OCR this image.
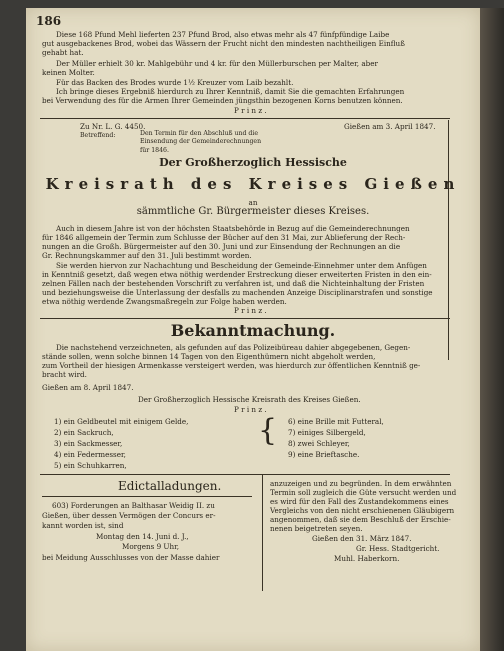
186
Diese 168 Pfund Mehl lieferten 237 Pfund Brod, also etwas mehr als 47 fünfpfündige Laibe
gut ausgebackenes Brod, wobei das Wässern der Frucht nicht den mindesten nachtheiligen Einfluß
gehabt hat.
Der Müller erhielt 30 kr. Mahlgebühr und 4 kr. für den Müllerburschen per Malter, aber
keinen Molter.
Für das Backen des Brodes wurde 1½ Kreuzer vom Laib bezahlt.
Ich bringe dieses Ergebniß hierdurch zu Ihrer Kenntniß, damit Sie die gemachten Erfahrungen
bei Verwendung des für die Armen Ihrer Gemeinden jüngsthin bezogenen Korns benutzen können.
P r i n z .
Zu Nr. L. G. 4450.	Gießen am 3. April 1847.
Betreffend:	Den Termin für den Abschluß und die
Einsendung der Gemeinderechnungen
für 1846.
Der Großherzoglich Hessische
Kreisrath des Kreises Gießen
an
sämmtliche Gr. Bürgermeister dieses Kreises.
Auch in diesem Jahre ist von der höchsten Staatsbehörde in Bezug auf die Gemeinderechnungen
für 1846 allgemein der Termin zum Schlusse der Bücher auf den 31 Mai, zur Ablieferung der Rech-
nungen an die Großh. Bürgermeister auf den 30. Juni und zur Einsendung der Rechnungen an die
Gr. Rechnungskammer auf den 31. Juli bestimmt worden.
Sie werden hiervon zur Nachachtung und Bescheidung der Gemeinde-Einnehmer unter dem Anfügen
in Kenntniß gesetzt, daß wegen etwa nöthig werdender Erstreckung dieser erweiterten Fristen in den ein-
zelnen Fällen nach der bestehenden Vorschrift zu verfahren ist, und daß die Nichteinhaltung der Fristen
und beziehungsweise die Unterlassung der desfalls zu machenden Anzeige Disciplinarstrafen und sonstige
etwa nöthig werdende Zwangsmaßregeln zur Folge haben werden.
P r i n z .
Bekanntmachung.
Die nachstehend verzeichneten, als gefunden auf das Polizeibüreau dahier abgegebenen, Gegen-
stände sollen, wenn solche binnen 14 Tagen von den Eigenthümern nicht abgeholt werden,
zum Vortheil der hiesigen Armenkasse versteigert werden, was hierdurch zur öffentlichen Kenntniß ge-
bracht wird.
Gießen am 8. April 1847.
Der Großherzoglich Hessische Kreisrath des Kreises Gießen.
P r i n z .
1) ein Geldbeutel mit einigem Gelde,
2) ein Sackruch,
3) ein Sackmesser,
4) ein Federmesser,
5) ein Schuhkarren,
{ 6) eine Brille mit Futteral,
7) einiges Silbergeld,
8) zwei Schleyer,
9) eine Brieftasche.
Edictalladungen.
603) Forderungen an Balthasar Weidig II. zu
Gießen, über dessen Vermögen der Concurs er-
kannt worden ist, sind
Montag den 14. Juni d. J.,
Morgens 9 Uhr,
bei Meidung Ausschlusses von der Masse dahier
anzuzeigen und zu begründen. In dem erwähnten
Termin soll zugleich die Güte versucht werden und
es wird für den Fall des Zustandekommens eines
Vergleichs von den nicht erschienenen Gläubigern
angenommen, daß sie dem Beschluß der Erschie-
nenen beigetreten seyen.
Gießen den 31. März 1847.
Gr. Hess. Stadtgericht.
Muhl. Haberkorn.
